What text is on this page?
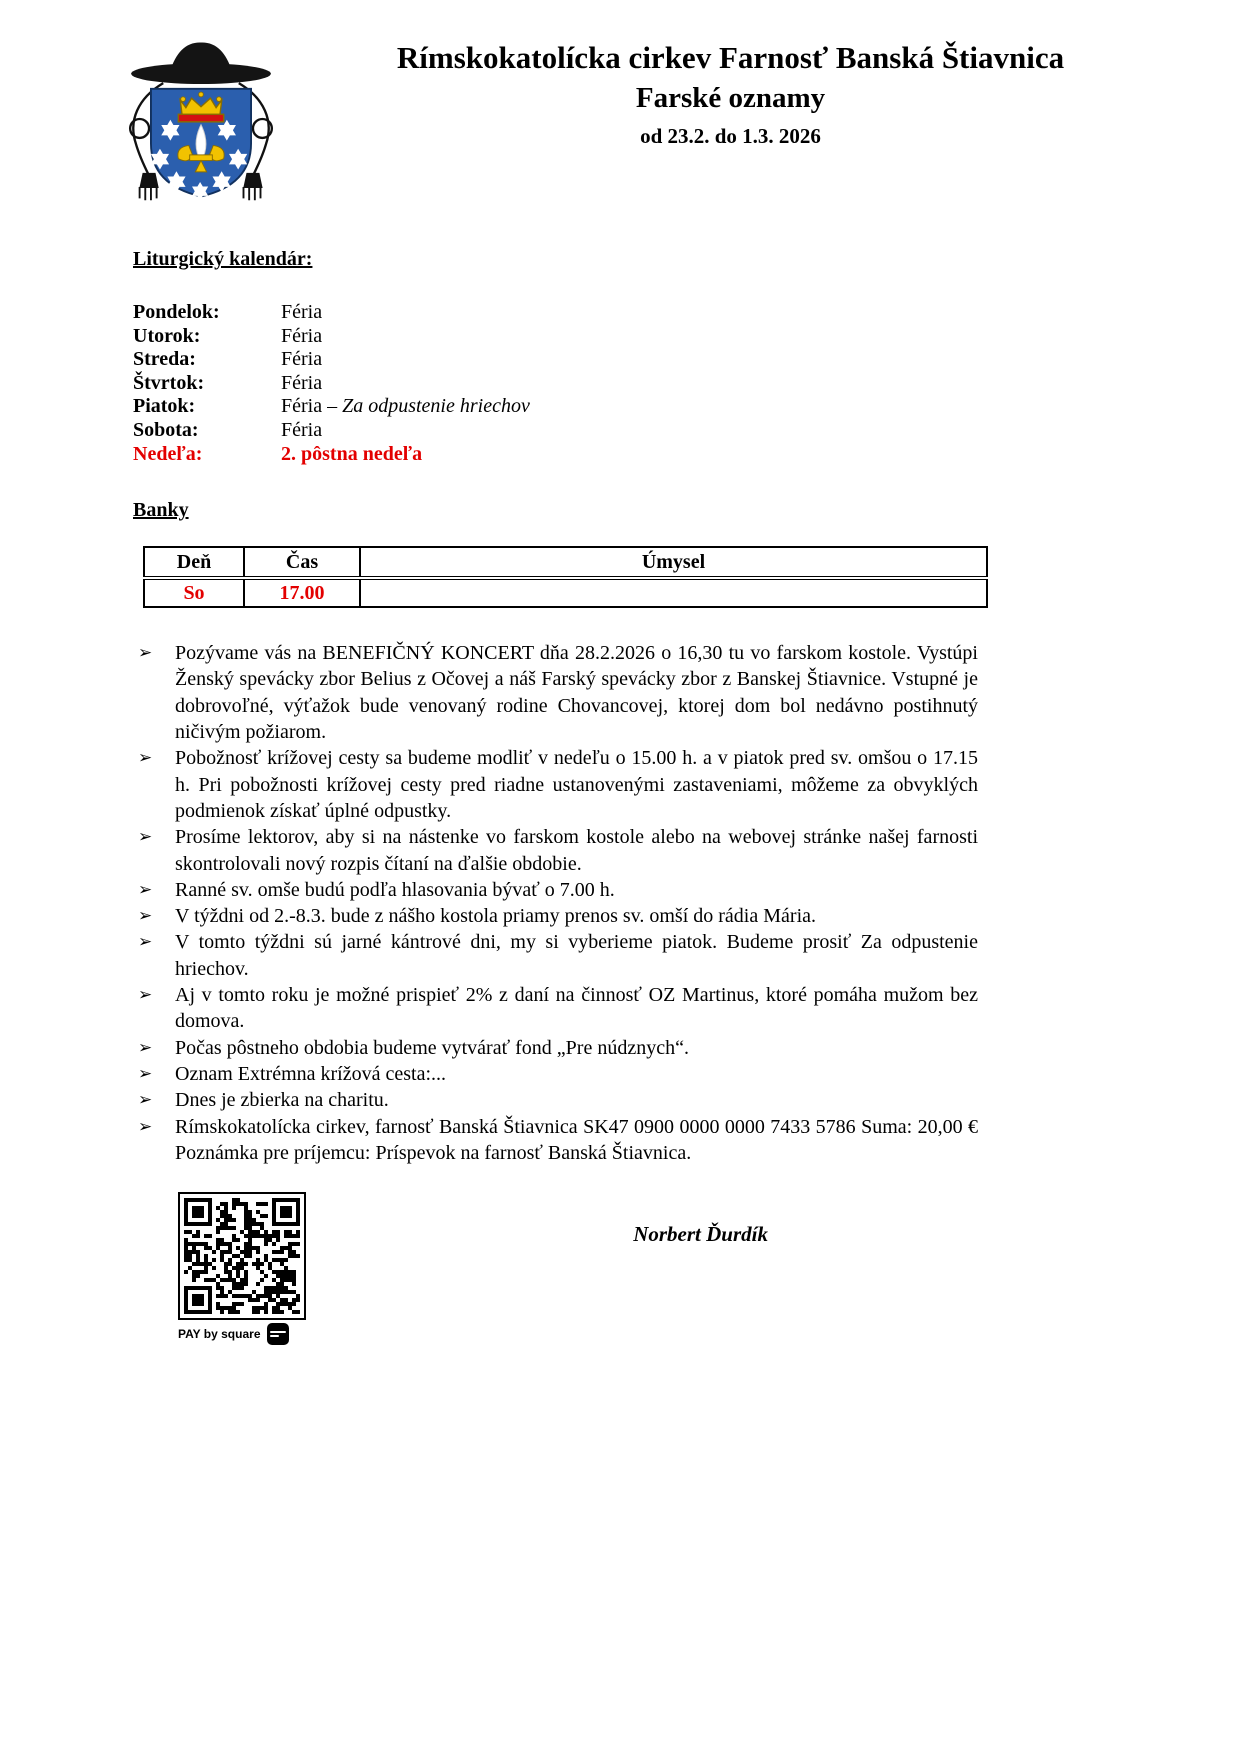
Rímskokatolícka cirkev Farnosť Banská Štiavnica
Farské oznamy
od 23.2. do 1.3. 2026
Liturgický kalendár:
Pondelok:	Féria
Utorok:	Féria
Streda:	Féria
Štvrtok:	Féria
Piatok:	Féria – Za odpustenie hriechov
Sobota:	Féria
Nedeľa:	2. pôstna nedeľa
Banky
Deň	Čas	Úmysel
So	17.00	
➢	Pozývame vás na BENEFIČNÝ KONCERT dňa 28.2.2026 o 16,30 tu vo farskom kostole. Vystúpi Ženský spevácky zbor Belius z Očovej a náš Farský spevácky zbor z Banskej Štiavnice. Vstupné je dobrovoľné, výťažok bude venovaný rodine Chovancovej, ktorej dom bol nedávno postihnutý ničivým požiarom.
➢	Pobožnosť krížovej cesty sa budeme modliť v nedeľu o 15.00 h. a v piatok pred sv. omšou o 17.15 h. Pri pobožnosti krížovej cesty pred riadne ustanovenými zastaveniami, môžeme za obvyklých podmienok získať úplné odpustky.
➢	Prosíme lektorov, aby si na nástenke vo farskom kostole alebo na webovej stránke našej farnosti skontrolovali nový rozpis čítaní na ďalšie obdobie.
➢	Ranné sv. omše budú podľa hlasovania bývať o 7.00 h.
➢	V týždni od 2.-8.3. bude z nášho kostola priamy prenos sv. omší do rádia Mária.
➢	V tomto týždni sú jarné kántrové dni, my si vyberieme piatok. Budeme prosiť Za odpustenie hriechov.
➢	Aj v tomto roku je možné prispieť 2% z daní na činnosť OZ Martinus, ktoré pomáha mužom bez domova.
➢	Počas pôstneho obdobia budeme vytvárať fond „Pre núdznych“.
➢	Oznam Extrémna krížová cesta:...
➢	Dnes je zbierka na charitu.
➢	Rímskokatolícka cirkev, farnosť Banská Štiavnica SK47 0900 0000 0000 7433 5786 Suma: 20,00 € Poznámka pre príjemcu: Príspevok na farnosť Banská Štiavnica.
PAY by square
Norbert Ďurdík
